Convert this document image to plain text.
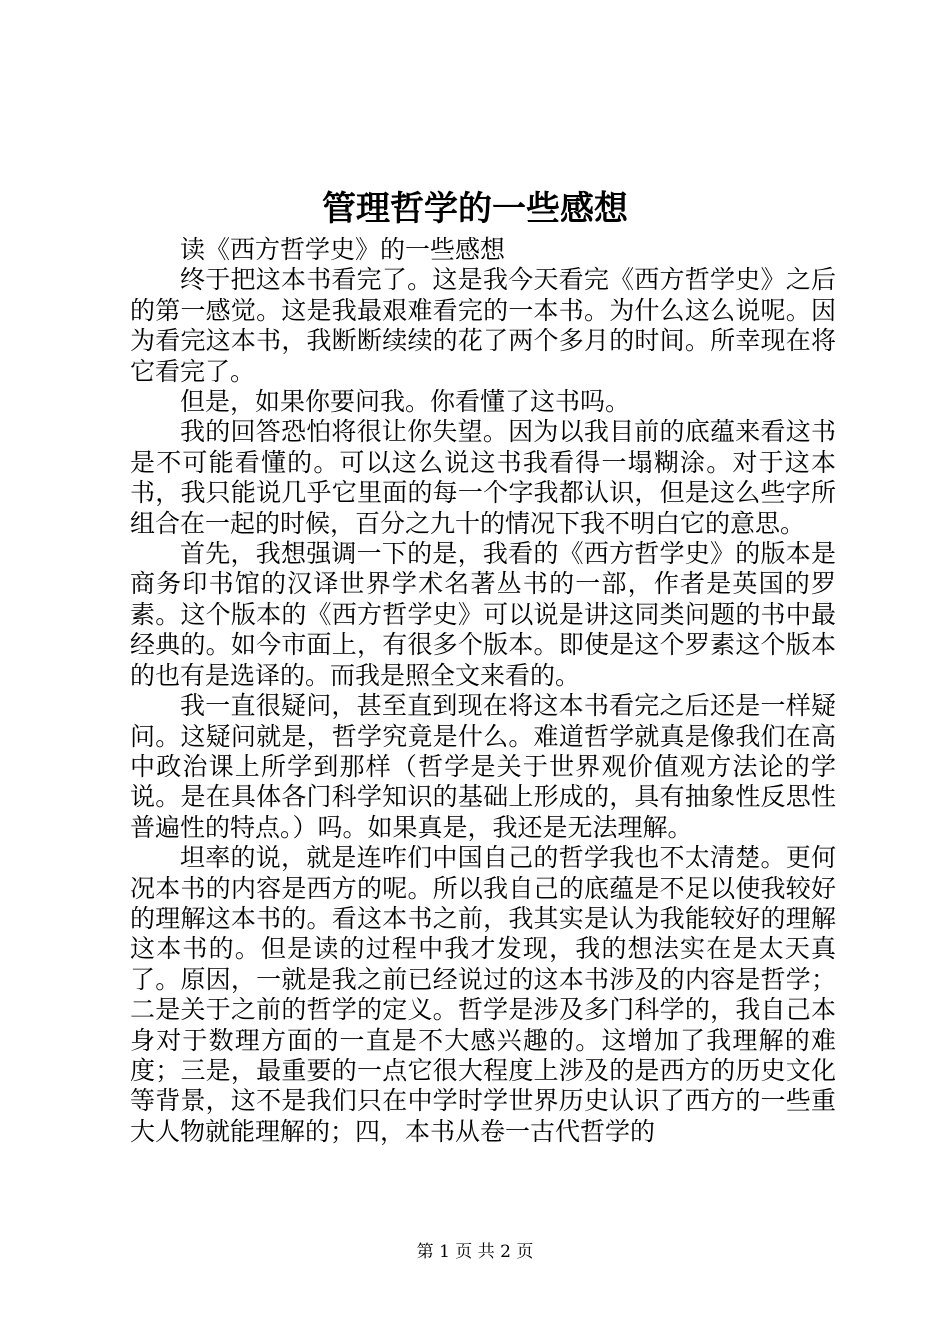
管理哲学的一些感想

读《西方哲学史》的一些感想

终于把这本书看完了。这是我今天看完《西方哲学史》之后的第一感觉。这是我最艰难看完的一本书。为什么这么说呢。因为看完这本书，我断断续续的花了两个多月的时间。所幸现在将它看完了。

但是，如果你要问我。你看懂了这书吗。

我的回答恐怕将很让你失望。因为以我目前的底蕴来看这书是不可能看懂的。可以这么说这书我看得一塌糊涂。对于这本书，我只能说几乎它里面的每一个字我都认识，但是这么些字所组合在一起的时候，百分之九十的情况下我不明白它的意思。

首先，我想强调一下的是，我看的《西方哲学史》的版本是商务印书馆的汉译世界学术名著丛书的一部，作者是英国的罗素。这个版本的《西方哲学史》可以说是讲这同类问题的书中最经典的。如今市面上，有很多个版本。即使是这个罗素这个版本的也有是选译的。而我是照全文来看的。

我一直很疑问，甚至直到现在将这本书看完之后还是一样疑问。这疑问就是，哲学究竟是什么。难道哲学就真是像我们在高中政治课上所学到那样（哲学是关于世界观价值观方法论的学说。是在具体各门科学知识的基础上形成的，具有抽象性反思性普遍性的特点。）吗。如果真是，我还是无法理解。

坦率的说，就是连咋们中国自己的哲学我也不太清楚。更何况本书的内容是西方的呢。所以我自己的底蕴是不足以使我较好的理解这本书的。看这本书之前，我其实是认为我能较好的理解这本书的。但是读的过程中我才发现，我的想法实在是太天真了。原因，一就是我之前已经说过的这本书涉及的内容是哲学；二是关于之前的哲学的定义。哲学是涉及多门科学的，我自己本身对于数理方面的一直是不大感兴趣的。这增加了我理解的难度；三是，最重要的一点它很大程度上涉及的是西方的历史文化等背景，这不是我们只在中学时学世界历史认识了西方的一些重大人物就能理解的；四，本书从卷一古代哲学的

第 1 页 共 2 页
